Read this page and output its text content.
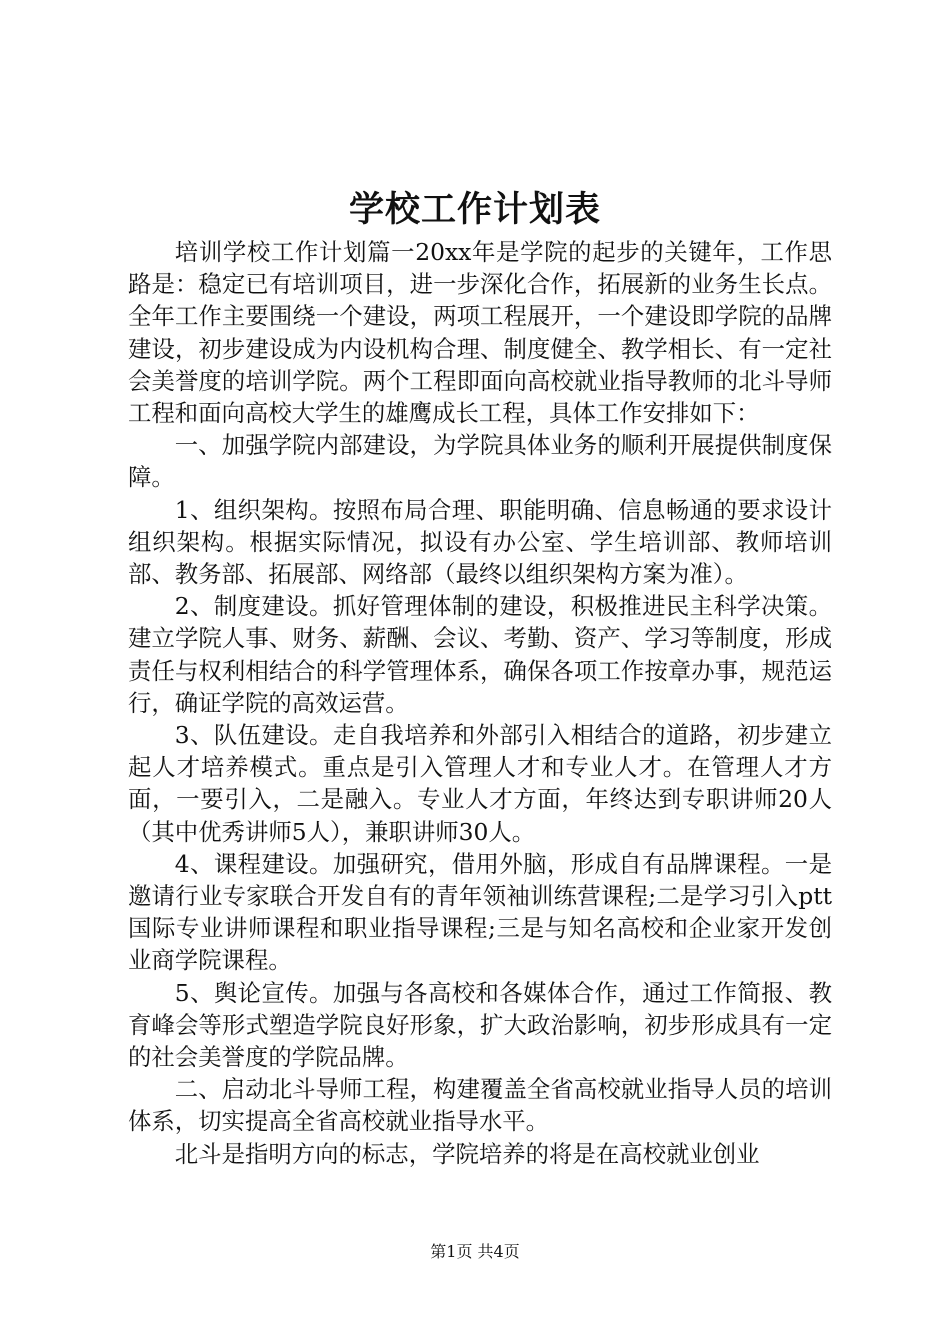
学校工作计划表

培训学校工作计划篇一20xx年是学院的起步的关键年，工作思路是：稳定已有培训项目，进一步深化合作，拓展新的业务生长点。全年工作主要围绕一个建设，两项工程展开，一个建设即学院的品牌建设，初步建设成为内设机构合理、制度健全、教学相长、有一定社会美誉度的培训学院。两个工程即面向高校就业指导教师的北斗导师工程和面向高校大学生的雄鹰成长工程，具体工作安排如下：

一、加强学院内部建设，为学院具体业务的顺利开展提供制度保障。

1、组织架构。按照布局合理、职能明确、信息畅通的要求设计组织架构。根据实际情况，拟设有办公室、学生培训部、教师培训部、教务部、拓展部、网络部（最终以组织架构方案为准）。

2、制度建设。抓好管理体制的建设，积极推进民主科学决策。建立学院人事、财务、薪酬、会议、考勤、资产、学习等制度，形成责任与权利相结合的科学管理体系，确保各项工作按章办事，规范运行，确证学院的高效运营。

3、队伍建设。走自我培养和外部引入相结合的道路，初步建立起人才培养模式。重点是引入管理人才和专业人才。在管理人才方面，一要引入，二是融入。专业人才方面，年终达到专职讲师20人（其中优秀讲师5人），兼职讲师30人。

4、课程建设。加强研究，借用外脑，形成自有品牌课程。一是邀请行业专家联合开发自有的青年领袖训练营课程;二是学习引入ptt国际专业讲师课程和职业指导课程;三是与知名高校和企业家开发创业商学院课程。

5、舆论宣传。加强与各高校和各媒体合作，通过工作简报、教育峰会等形式塑造学院良好形象，扩大政治影响，初步形成具有一定的社会美誉度的学院品牌。

二、启动北斗导师工程，构建覆盖全省高校就业指导人员的培训体系，切实提高全省高校就业指导水平。

北斗是指明方向的标志，学院培养的将是在高校就业创业

第1页 共4页
